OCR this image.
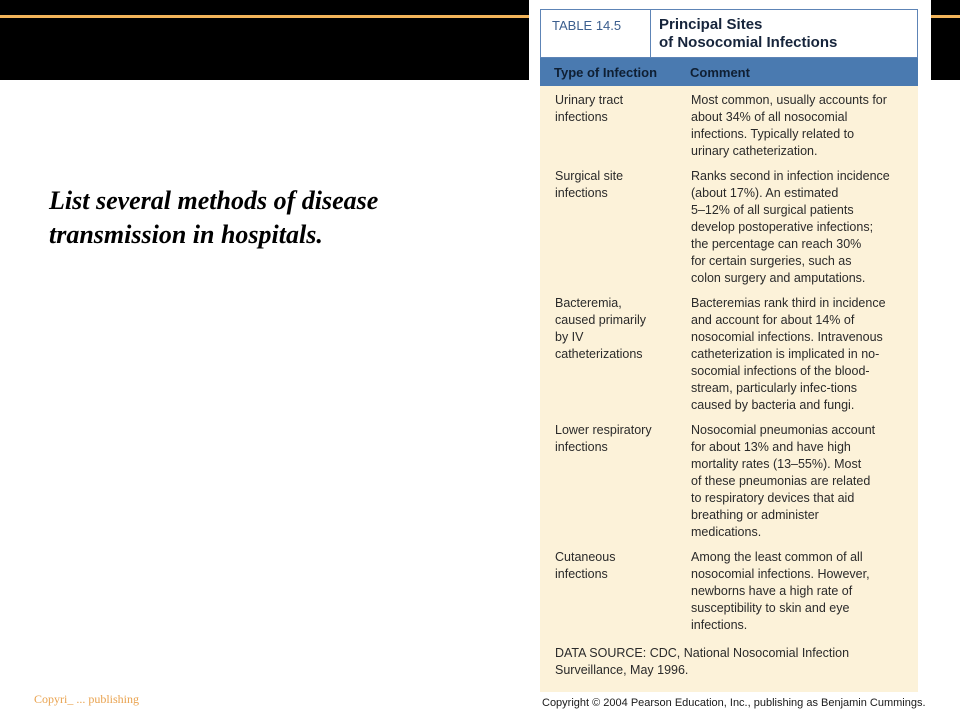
List several methods of disease transmission in hospitals.

Copyri_ ... publishing
TABLE 14.5	Principal Sites
of Nosocomial Infections
Type of Infection	Comment
Urinary tract
infections
Most common, usually accounts for
about 34% of all nosocomial
infections. Typically related to
urinary catheterization.
Surgical site
infections
Ranks second in infection incidence
(about 17%). An estimated
5–12% of all surgical patients
develop postoperative infections;
the percentage can reach 30%
for certain surgeries, such as
colon surgery and amputations.
Bacteremia,
caused primarily
by IV
catheterizations
Bacteremias rank third in incidence
and account for about 14% of
nosocomial infections. Intravenous
catheterization is implicated in no-
socomial infections of the blood-
stream, particularly infec-tions
caused by bacteria and fungi.
Lower respiratory
infections
Nosocomial pneumonias account
for about 13% and have high
mortality rates (13–55%). Most
of these pneumonias are related
to respiratory devices that aid
breathing or administer
medications.
Cutaneous
infections
Among the least common of all
nosocomial infections. However,
newborns have a high rate of
susceptibility to skin and eye
infections.
DATA SOURCE: CDC, National Nosocomial Infection
Surveillance, May 1996.
Copyright © 2004 Pearson Education, Inc., publishing as Benjamin Cummings.
